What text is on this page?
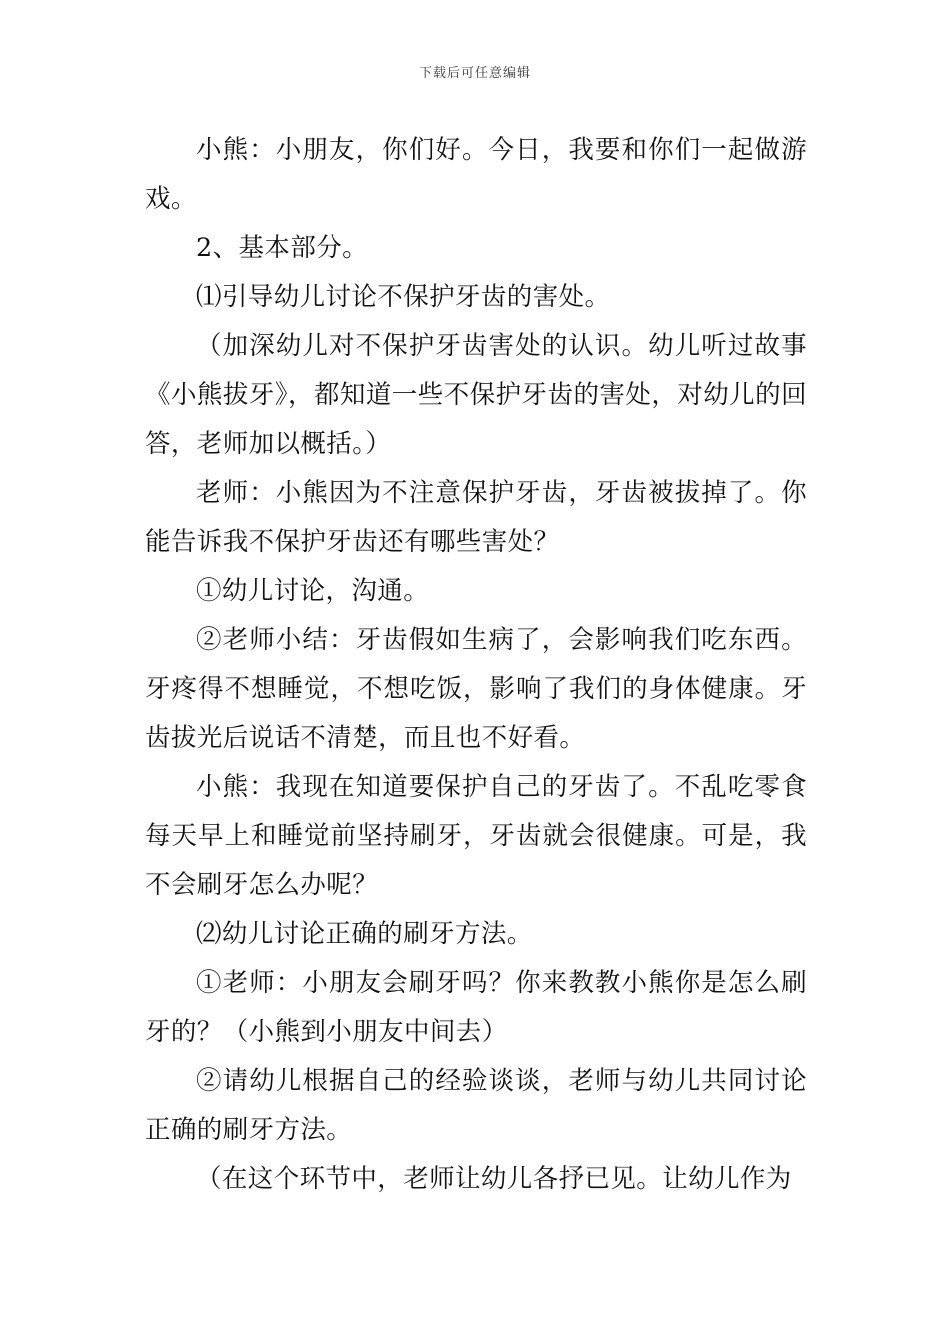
下载后可任意编辑

小熊：小朋友，你们好。今日，我要和你们一起做游戏。

2、基本部分。

⑴引导幼儿讨论不保护牙齿的害处。

（加深幼儿对不保护牙齿害处的认识。幼儿听过故事《小熊拔牙》，都知道一些不保护牙齿的害处，对幼儿的回答，老师加以概括。）

老师：小熊因为不注意保护牙齿，牙齿被拔掉了。你能告诉我不保护牙齿还有哪些害处？

①幼儿讨论，沟通。

②老师小结：牙齿假如生病了，会影响我们吃东西。牙疼得不想睡觉，不想吃饭，影响了我们的身体健康。牙齿拔光后说话不清楚，而且也不好看。

小熊：我现在知道要保护自己的牙齿了。不乱吃零食每天早上和睡觉前坚持刷牙，牙齿就会很健康。可是，我不会刷牙怎么办呢？

⑵幼儿讨论正确的刷牙方法。

①老师：小朋友会刷牙吗？你来教教小熊你是怎么刷牙的？（小熊到小朋友中间去）

②请幼儿根据自己的经验谈谈，老师与幼儿共同讨论正确的刷牙方法。

（在这个环节中，老师让幼儿各抒已见。让幼儿作为
